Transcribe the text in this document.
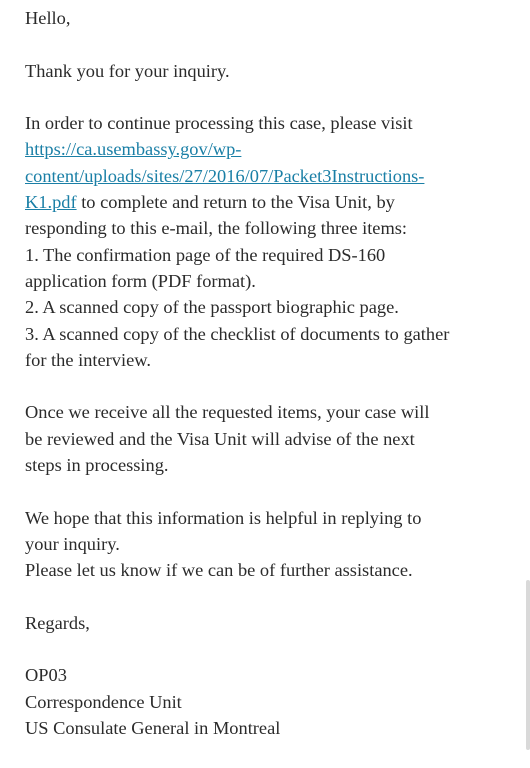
Hello,

Thank you for your inquiry.

In order to continue processing this case, please visit
https://ca.usembassy.gov/wp-
content/uploads/sites/27/2016/07/Packet3Instructions-
K1.pdf to complete and return to the Visa Unit, by
responding to this e-mail, the following three items:
1. The confirmation page of the required DS-160
application form (PDF format).
2. A scanned copy of the passport biographic page.
3. A scanned copy of the checklist of documents to gather
for the interview.

Once we receive all the requested items, your case will
be reviewed and the Visa Unit will advise of the next
steps in processing.

We hope that this information is helpful in replying to
your inquiry.
Please let us know if we can be of further assistance.

Regards,

OP03
Correspondence Unit
US Consulate General in Montreal
